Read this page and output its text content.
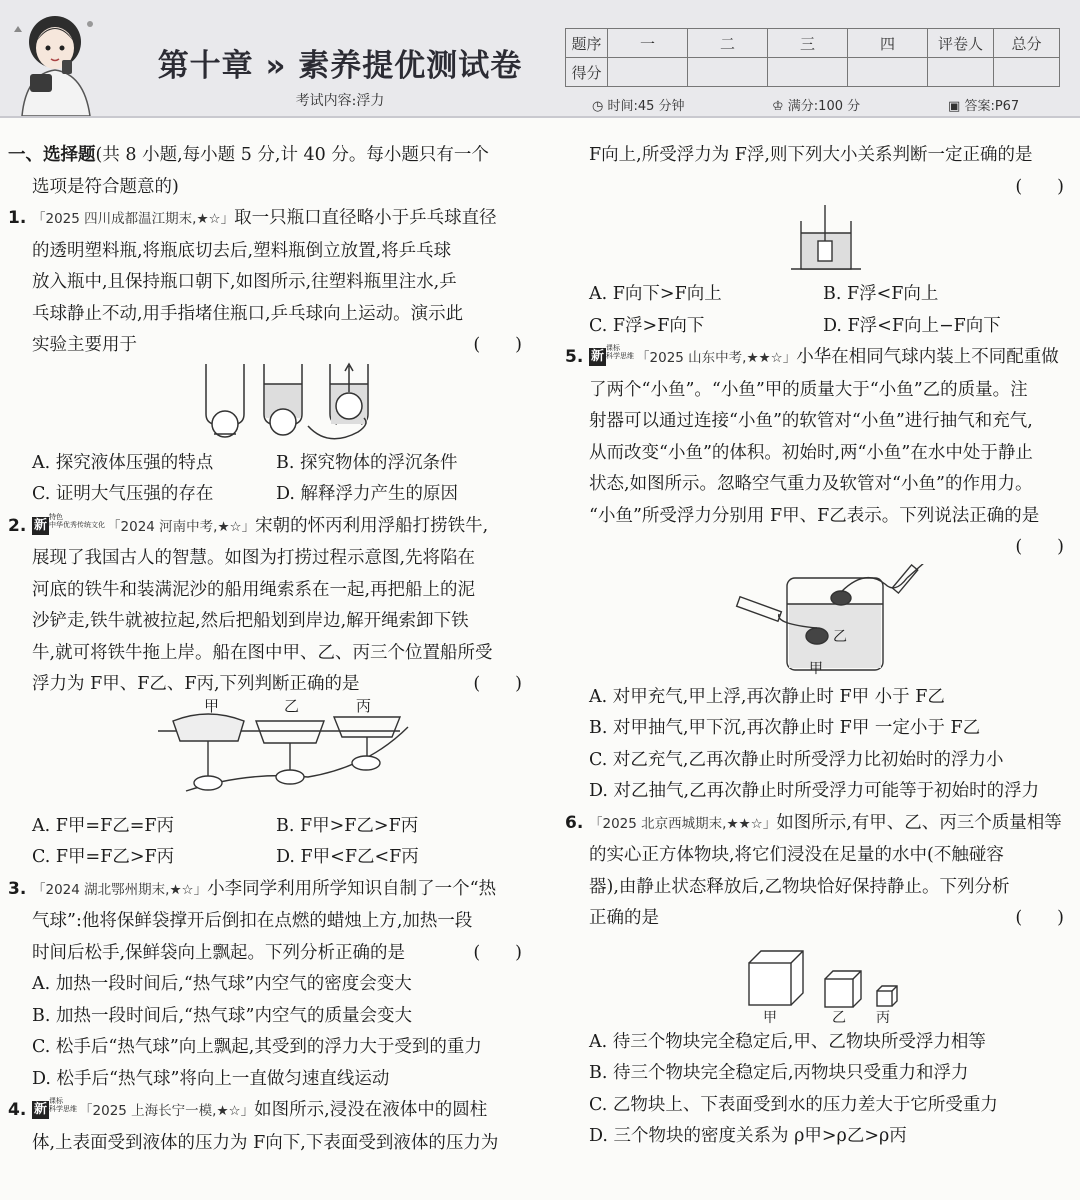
第十章 » 素养提优测试卷
考试内容:浮力
题序	一	二	三	四	评卷人	总分
得分						
◷ 时间:45 分钟	♔ 满分:100 分	▣ 答案:P67
一、选择题(共 8 小题,每小题 5 分,计 40 分。每小题只有一个
选项是符合题意的)
1. 「2025 四川成都温江期末,★☆」取一只瓶口直径略小于乒乓球直径
的透明塑料瓶,将瓶底切去后,塑料瓶倒立放置,将乒乓球
放入瓶中,且保持瓶口朝下,如图所示,往塑料瓶里注水,乒
乓球静止不动,用手指堵住瓶口,乒乓球向上运动。演示此
实验主要用于	(　　)
A. 探究液体压强的特点	B. 探究物体的浮沉条件
C. 证明大气压强的存在	D. 解释浮力产生的原因
2. 新特色
中华优秀传统文化 「2024 河南中考,★☆」宋朝的怀丙利用浮船打捞铁牛,
展现了我国古人的智慧。如图为打捞过程示意图,先将陷在
河底的铁牛和装满泥沙的船用绳索系在一起,再把船上的泥
沙铲走,铁牛就被拉起,然后把船划到岸边,解开绳索卸下铁
牛,就可将铁牛拖上岸。船在图中甲、乙、丙三个位置船所受
浮力为 F甲、F乙、F丙,下列判断正确的是	(　　)
甲	乙	丙
A. F甲=F乙=F丙	B. F甲>F乙>F丙
C. F甲=F乙>F丙	D. F甲<F乙<F丙
3. 「2024 湖北鄂州期末,★☆」小李同学利用所学知识自制了一个“热
气球”:他将保鲜袋撑开后倒扣在点燃的蜡烛上方,加热一段
时间后松手,保鲜袋向上飘起。下列分析正确的是	(　　)
A. 加热一段时间后,“热气球”内空气的密度会变大
B. 加热一段时间后,“热气球”内空气的质量会变大
C. 松手后“热气球”向上飘起,其受到的浮力大于受到的重力
D. 松手后“热气球”将向上一直做匀速直线运动
4. 新课标
科学思维 「2025 上海长宁一模,★☆」如图所示,浸没在液体中的圆柱
体,上表面受到液体的压力为 F向下,下表面受到液体的压力为
F向上,所受浮力为 F浮,则下列大小关系判断一定正确的是
(　　)
A. F向下>F向上	B. F浮<F向上
C. F浮>F向下	D. F浮<F向上−F向下
5. 新课标
科学思维 「2025 山东中考,★★☆」小华在相同气球内装上不同配重做
了两个“小鱼”。“小鱼”甲的质量大于“小鱼”乙的质量。注
射器可以通过连接“小鱼”的软管对“小鱼”进行抽气和充气,
从而改变“小鱼”的体积。初始时,两“小鱼”在水中处于静止
状态,如图所示。忽略空气重力及软管对“小鱼”的作用力。
“小鱼”所受浮力分别用 F甲、F乙表示。下列说法正确的是
(　　)
乙
甲
A. 对甲充气,甲上浮,再次静止时 F甲 小于 F乙
B. 对甲抽气,甲下沉,再次静止时 F甲 一定小于 F乙
C. 对乙充气,乙再次静止时所受浮力比初始时的浮力小
D. 对乙抽气,乙再次静止时所受浮力可能等于初始时的浮力
6. 「2025 北京西城期末,★★☆」如图所示,有甲、乙、丙三个质量相等
的实心正方体物块,将它们浸没在足量的水中(不触碰容
器),由静止状态释放后,乙物块恰好保持静止。下列分析
正确的是	(　　)
甲	乙 丙
A. 待三个物块完全稳定后,甲、乙物块所受浮力相等
B. 待三个物块完全稳定后,丙物块只受重力和浮力
C. 乙物块上、下表面受到水的压力差大于它所受重力
D. 三个物块的密度关系为 ρ甲>ρ乙>ρ丙
